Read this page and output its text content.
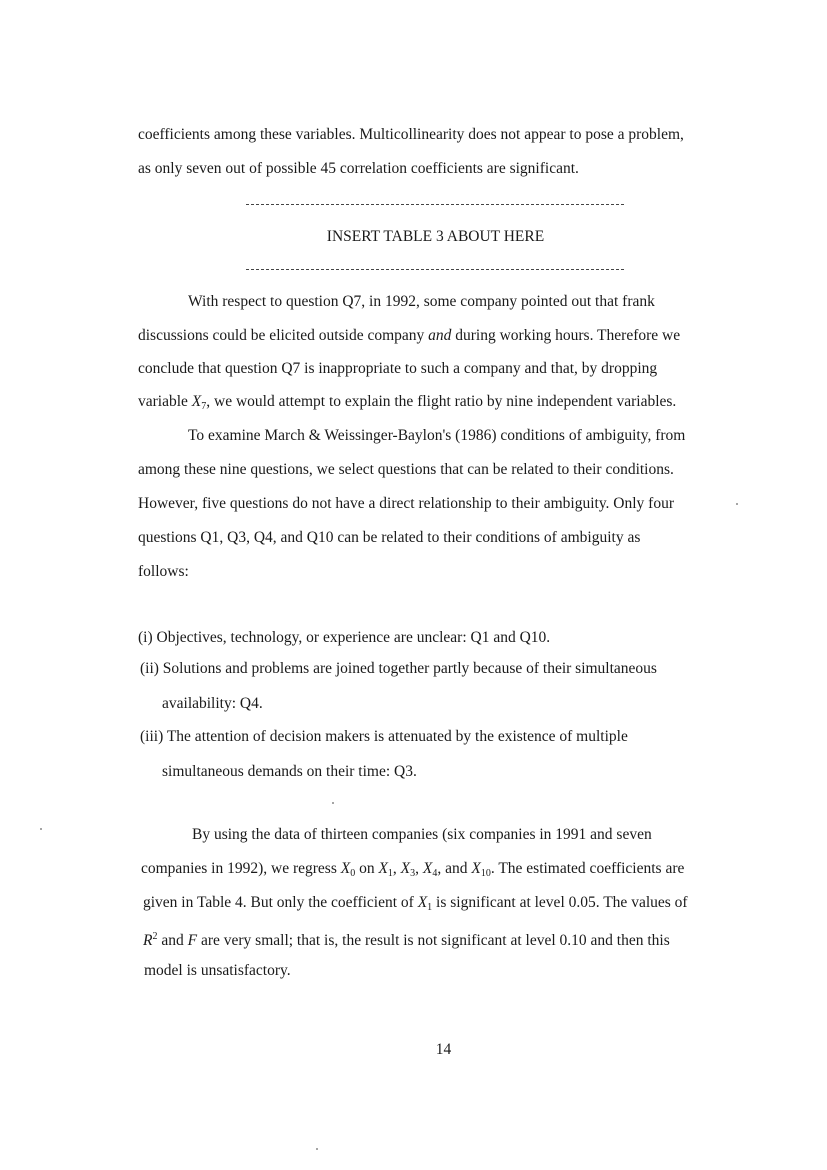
coefficients among these variables. Multicollinearity does not appear to pose a problem,
as only seven out of possible 45 correlation coefficients are significant.
INSERT TABLE 3 ABOUT HERE
With respect to question Q7, in 1992, some company pointed out that frank
discussions could be elicited outside company and during working hours. Therefore we
conclude that question Q7 is inappropriate to such a company and that, by dropping
variable $X_7$, we would attempt to explain the flight ratio by nine independent variables.
To examine March & Weissinger-Baylon's (1986) conditions of ambiguity, from
among these nine questions, we select questions that can be related to their conditions.
However, five questions do not have a direct relationship to their ambiguity. Only four
questions Q1, Q3, Q4, and Q10 can be related to their conditions of ambiguity as
follows:
(i) Objectives, technology, or experience are unclear: Q1 and Q10.
(ii) Solutions and problems are joined together partly because of their simultaneous
availability: Q4.
(iii) The attention of decision makers is attenuated by the existence of multiple
simultaneous demands on their time: Q3.
By using the data of thirteen companies (six companies in 1991 and seven
companies in 1992), we regress $X_0$ on $X_1$, $X_3$, $X_4$, and $X_{10}$. The estimated coefficients are
given in Table 4. But only the coefficient of $X_1$ is significant at level 0.05. The values of
$R^2$ and F are very small; that is, the result is not significant at level 0.10 and then this
model is unsatisfactory.
14
